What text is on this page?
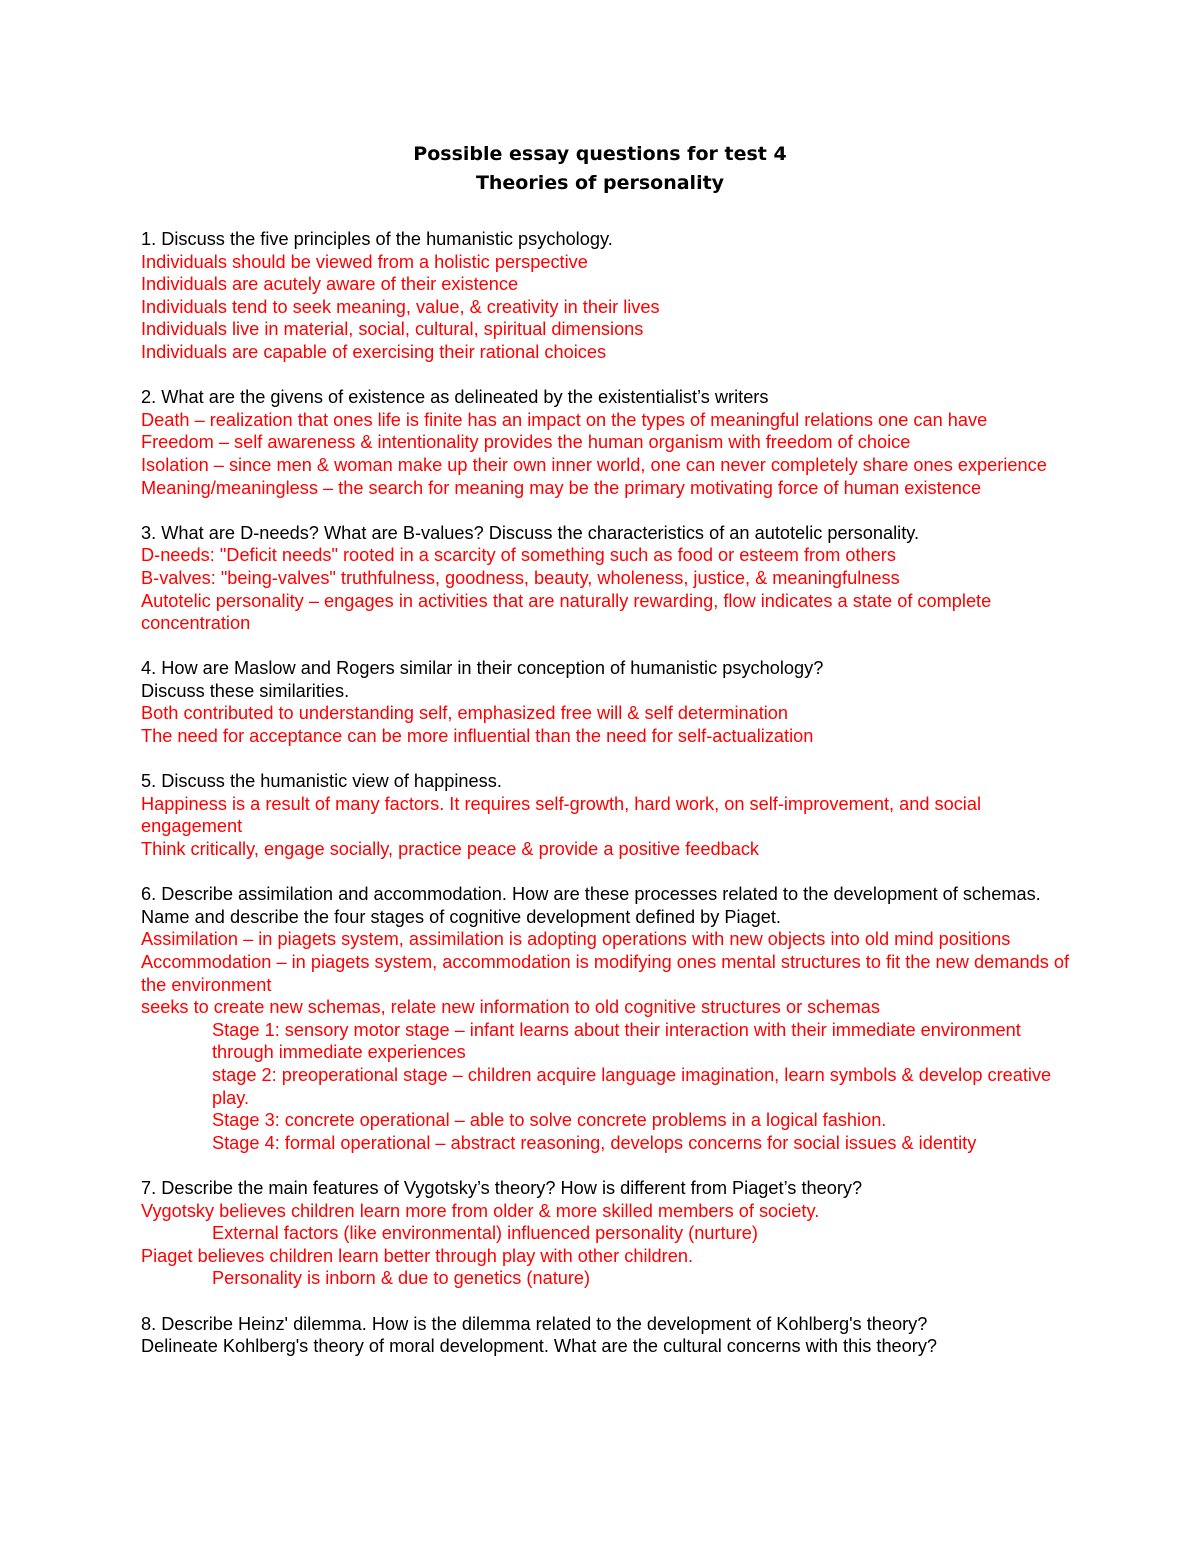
Possible essay questions for test 4
Theories of personality

1. Discuss the five principles of the humanistic psychology.

Individuals should be viewed from a holistic perspective

Individuals are acutely aware of their existence

Individuals tend to seek meaning, value, & creativity in their lives

Individuals live in material, social, cultural, spiritual dimensions

Individuals are capable of exercising their rational choices

2. What are the givens of existence as delineated by the existentialist’s writers

Death – realization that ones life is finite has an impact on the types of meaningful relations one can have

Freedom – self awareness & intentionality provides the human organism with freedom of choice

Isolation – since men & woman make up their own inner world, one can never completely share ones experience

Meaning/meaningless – the search for meaning may be the primary motivating force of human existence

3. What are D-needs? What are B-values? Discuss the characteristics of an autotelic personality.

D-needs: "Deficit needs" rooted in a scarcity of something such as food or esteem from others

B-valves: "being-valves" truthfulness, goodness, beauty, wholeness, justice, & meaningfulness

Autotelic personality – engages in activities that are naturally rewarding, flow indicates a state of complete concentration

4. How are Maslow and Rogers similar in their conception of humanistic psychology?

Discuss these similarities.

Both contributed to understanding self, emphasized free will & self determination

The need for acceptance can be more influential than the need for self-actualization

5. Discuss the humanistic view of happiness.

Happiness is a result of many factors. It requires self-growth, hard work, on self-improvement, and social engagement

Think critically, engage socially, practice peace & provide a positive feedback

6. Describe assimilation and accommodation. How are these processes related to the development of schemas. Name and describe the four stages of cognitive development defined by Piaget.

Assimilation – in piagets system, assimilation is adopting operations with new objects into old mind positions

Accommodation – in piagets system, accommodation is modifying ones mental structures to fit the new demands of the environment

seeks to create new schemas, relate new information to old cognitive structures or schemas

Stage 1: sensory motor stage – infant learns about their interaction with their immediate environment through immediate experiences

stage 2: preoperational stage – children acquire language imagination, learn symbols & develop creative play.

Stage 3: concrete operational – able to solve concrete problems in a logical fashion.

Stage 4: formal operational – abstract reasoning, develops concerns for social issues & identity

7. Describe the main features of Vygotsky’s theory? How is different from Piaget’s theory?

Vygotsky believes children learn more from older & more skilled members of society.

External factors (like environmental) influenced personality (nurture)

Piaget believes children learn better through play with other children.

Personality is inborn & due to genetics (nature)

8. Describe Heinz' dilemma. How is the dilemma related to the development of Kohlberg's theory?

Delineate Kohlberg's theory of moral development. What are the cultural concerns with this theory?
